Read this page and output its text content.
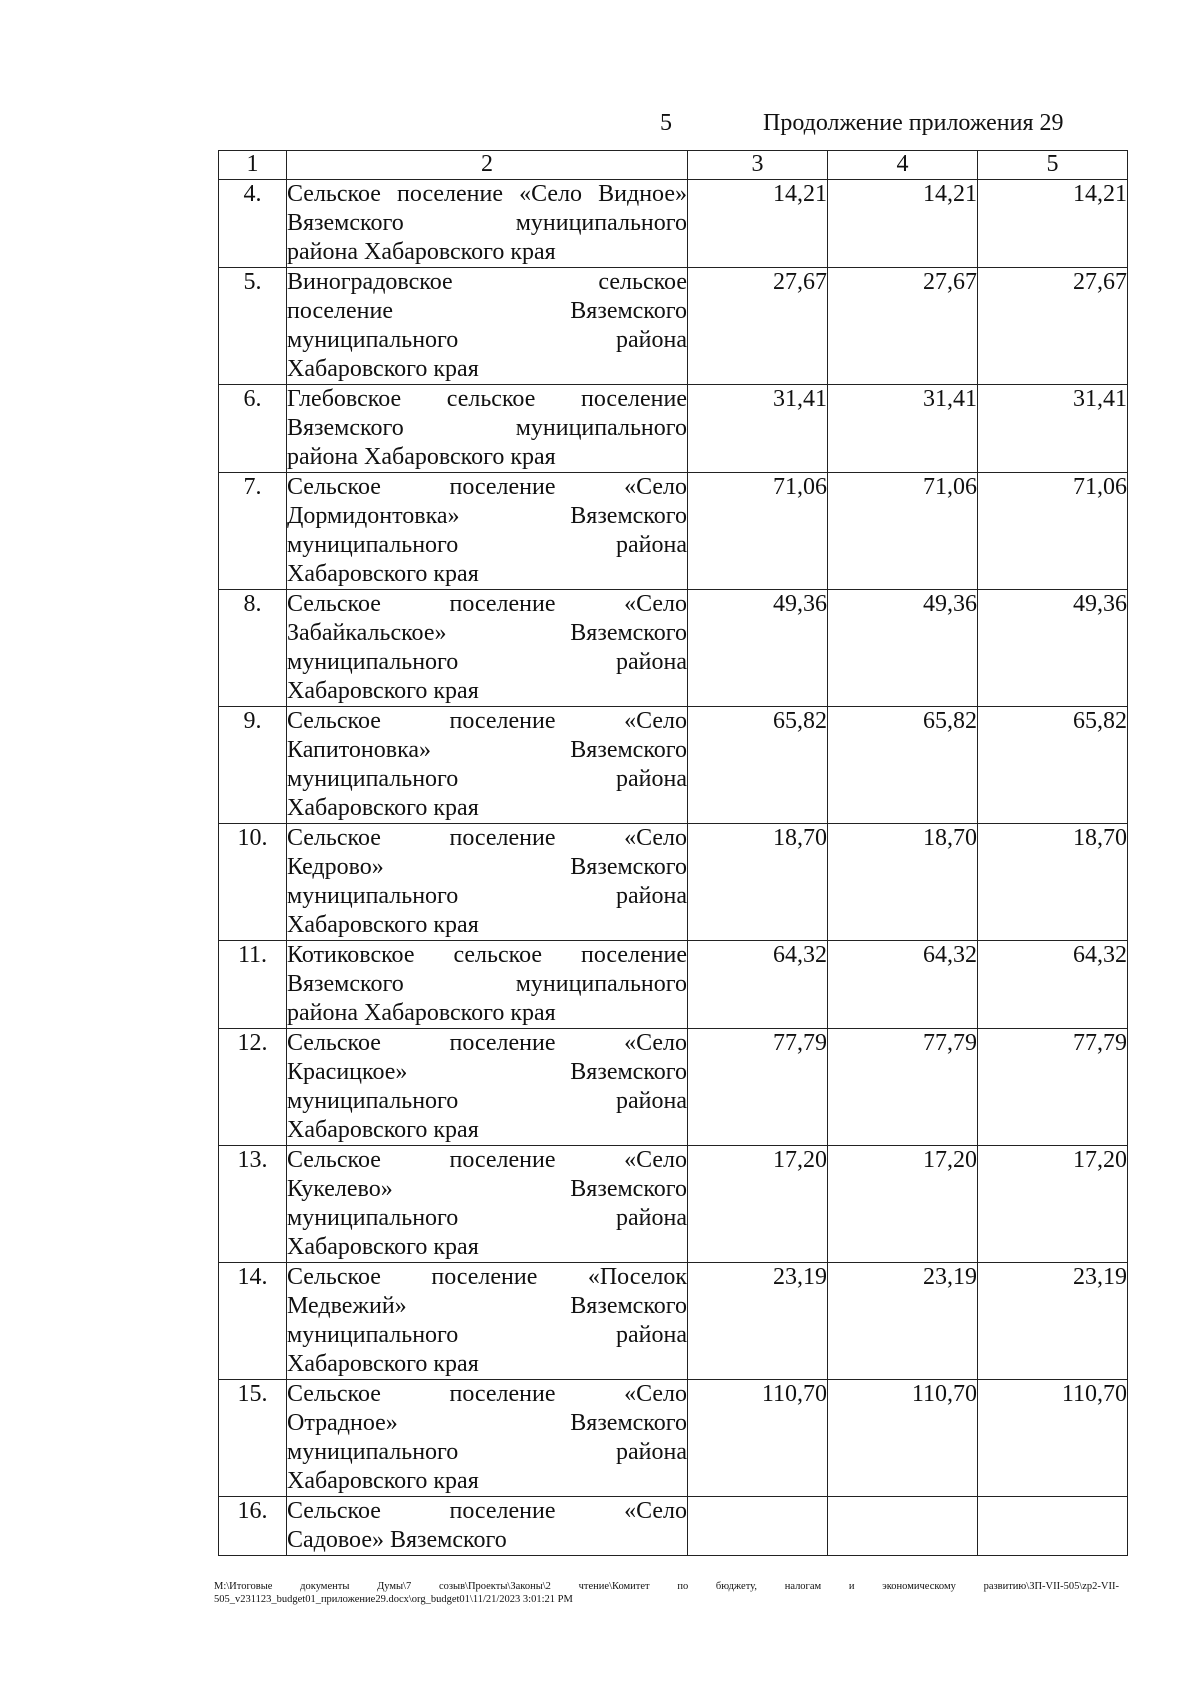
5	Продолжение приложения 29
1	2	3	4	5
4.	Сельское поселение «Село Видное»
Вяземского муниципального
района Хабаровского края	14,21	14,21	14,21
5.	Виноградовское сельское
поселение Вяземского
муниципального района
Хабаровского края	27,67	27,67	27,67
6.	Глебовское сельское поселение
Вяземского муниципального
района Хабаровского края	31,41	31,41	31,41
7.	Сельское поселение «Село
Дормидонтовка» Вяземского
муниципального района
Хабаровского края	71,06	71,06	71,06
8.	Сельское поселение «Село
Забайкальское» Вяземского
муниципального района
Хабаровского края	49,36	49,36	49,36
9.	Сельское поселение «Село
Капитоновка» Вяземского
муниципального района
Хабаровского края	65,82	65,82	65,82
10.	Сельское поселение «Село
Кедрово» Вяземского
муниципального района
Хабаровского края	18,70	18,70	18,70
11.	Котиковское сельское поселение
Вяземского муниципального
района Хабаровского края	64,32	64,32	64,32
12.	Сельское поселение «Село
Красицкое» Вяземского
муниципального района
Хабаровского края	77,79	77,79	77,79
13.	Сельское поселение «Село
Кукелево» Вяземского
муниципального района
Хабаровского края	17,20	17,20	17,20
14.	Сельское поселение «Поселок
Медвежий» Вяземского
муниципального района
Хабаровского края	23,19	23,19	23,19
15.	Сельское поселение «Село
Отрадное» Вяземского
муниципального района
Хабаровского края	110,70	110,70	110,70
16.	Сельское поселение «Село
Садовое» Вяземского			

M:\Итоговые документы Думы\7 созыв\Проекты\Законы\2 чтение\Комитет по бюджету, налогам и экономическому развитию\ЗП-VII-505\zp2-VII-505_v231123_budget01_приложение29.docx\org_budget01\11/21/2023 3:01:21 PM
